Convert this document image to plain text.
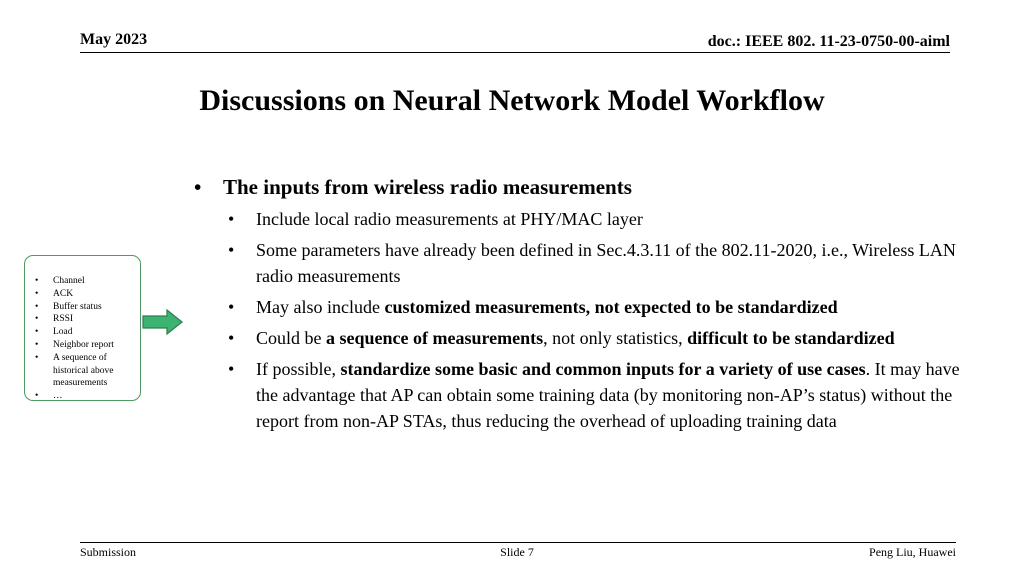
May 2023	doc.: IEEE 802. 11-23-0750-00-aiml
Discussions on Neural Network Model Workflow
• Channel
• ACK
• Buffer status
• RSSI
• Load
• Neighbor report
• A sequence of historical above measurements
• …
• The inputs from wireless radio measurements
• Include local radio measurements at PHY/MAC layer
• Some parameters have already been defined in Sec.4.3.11 of the 802.11-2020, i.e., Wireless LAN radio measurements
• May also include customized measurements, not expected to be standardized
• Could be a sequence of measurements, not only statistics, difficult to be standardized
• If possible, standardize some basic and common inputs for a variety of use cases. It may have the advantage that AP can obtain some training data (by monitoring non-AP’s status) without the report from non-AP STAs, thus reducing the overhead of uploading training data
Submission	Slide 7	Peng Liu, Huawei
